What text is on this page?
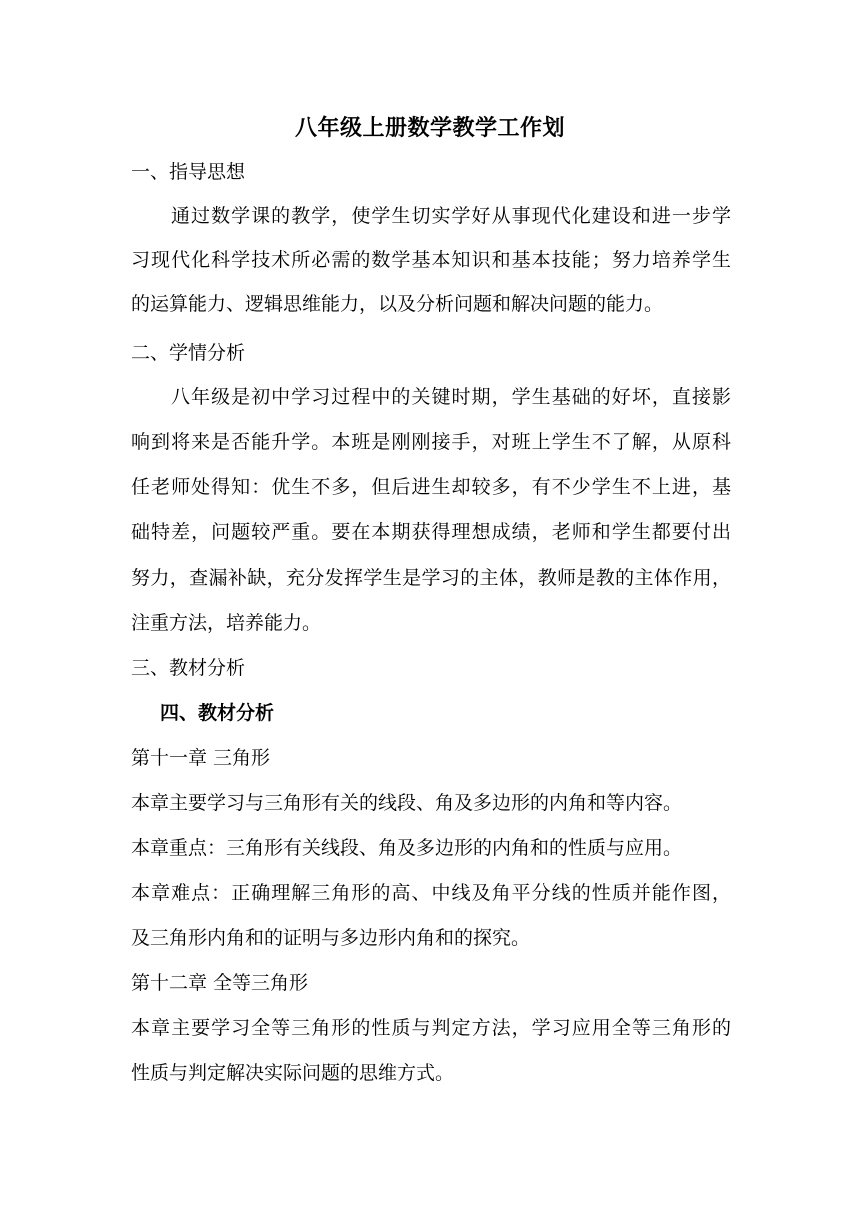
八年级上册数学教学工作划
一、指导思想
通过数学课的教学，使学生切实学好从事现代化建设和进一步学
习现代化科学技术所必需的数学基本知识和基本技能；努力培养学生
的运算能力、逻辑思维能力，以及分析问题和解决问题的能力。
二、学情分析
八年级是初中学习过程中的关键时期，学生基础的好坏，直接影
响到将来是否能升学。本班是刚刚接手，对班上学生不了解，从原科
任老师处得知：优生不多，但后进生却较多，有不少学生不上进，基
础特差，问题较严重。要在本期获得理想成绩，老师和学生都要付出
努力，查漏补缺，充分发挥学生是学习的主体，教师是教的主体作用，
注重方法，培养能力。
三、教材分析
四、教材分析
第十一章 三角形
本章主要学习与三角形有关的线段、角及多边形的内角和等内容。
本章重点：三角形有关线段、角及多边形的内角和的性质与应用。
本章难点：正确理解三角形的高、中线及角平分线的性质并能作图，
及三角形内角和的证明与多边形内角和的探究。
第十二章 全等三角形
本章主要学习全等三角形的性质与判定方法，学习应用全等三角形的
性质与判定解决实际问题的思维方式。
